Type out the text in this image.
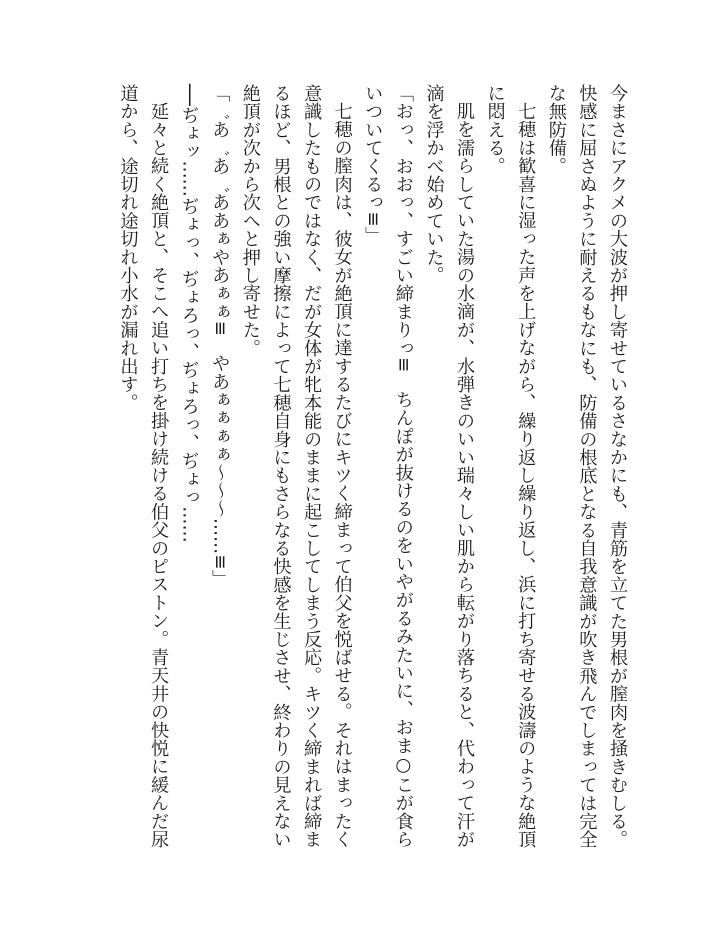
今まさにアクメの大波が押し寄せているさなかにも、青筋を立てた男根が膣肉を掻きむしる。快感に屈さぬように耐えるもなにも、防備の根底となる自我意識が吹き飛んでしまっては完全な無防備。

七穂は歓喜に湿った声を上げながら、繰り返し繰り返し、浜に打ち寄せる波濤のような絶頂に悶える。

肌を濡らしていた湯の水滴が、水弾きのいい瑞々しい肌から転がり落ちると、代わって汗が滴を浮かべ始めていた。

「おっ、おおっ、すごい締まりっ≡　ちんぽが抜けるのをいやがるみたいに、おま○こが食らいついてくるっ≡」

七穂の膣肉は、彼女が絶頂に達するたびにキツく締まって伯父を悦ばせる。それはまったく意識したものではなく、だが女体が牝本能のままに起こしてしまう反応。キツく締まれば締まるほど、男根との強い摩擦によって七穂自身にもさらなる快感を生じさせ、終わりの見えない絶頂が次から次へと押し寄せた。

「゛あ゛あ゛ああぁやあぁぁ≡　やあぁぁぁぁ〜〜〜……≡」

──ぢょッ……ぢょっ、ぢょろっ、ぢょろっ、ぢょっ……

延々と続く絶頂と、そこへ追い打ちを掛け続ける伯父のピストン。青天井の快悦に緩んだ尿道から、途切れ途切れ小水が漏れ出す。
